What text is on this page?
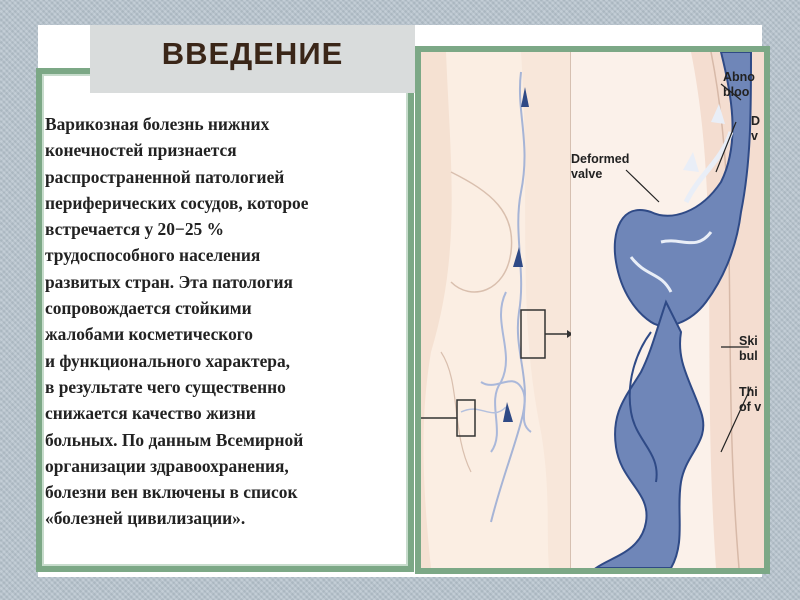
Abno
bloo
Deformed
valve
D
v
Ski
bul
Thi
of v
ВВЕДЕНИЕ
Варикозная болезнь нижних
конечностей признается
распространенной патологией
периферических сосудов, которое
встречается у 20−25 %
трудоспособного населения
развитых стран. Эта патология
сопровождается стойкими
жалобами косметического
и функционального характера,
в результате чего существенно
снижается качество жизни
больных. По данным Всемирной
организации здравоохранения,
болезни вен включены в список
«болезней цивилизации».
